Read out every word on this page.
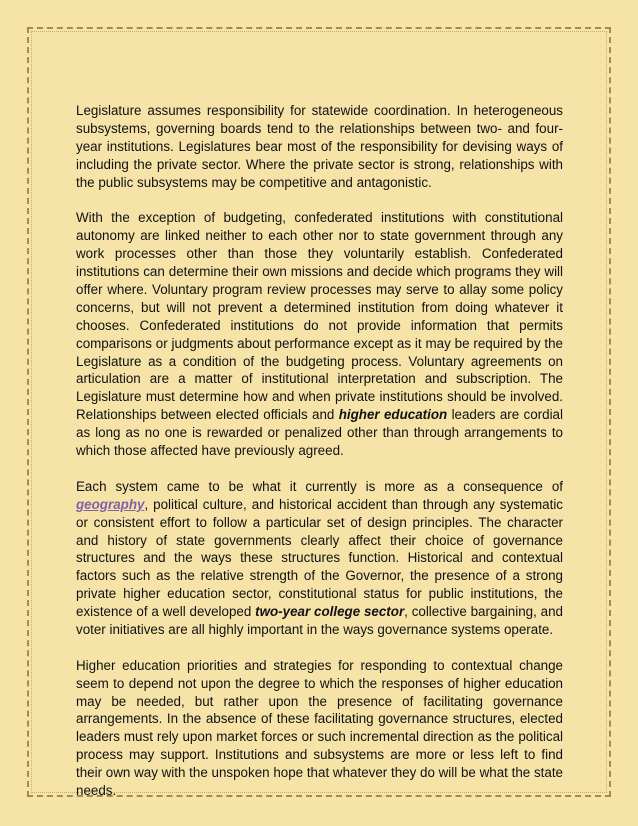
Legislature assumes responsibility for statewide coordination. In heterogeneous subsystems, governing boards tend to the relationships between two- and four-year institutions. Legislatures bear most of the responsibility for devising ways of including the private sector. Where the private sector is strong, relationships with the public subsystems may be competitive and antagonistic.

With the exception of budgeting, confederated institutions with constitutional autonomy are linked neither to each other nor to state government through any work processes other than those they voluntarily establish. Confederated institutions can determine their own missions and decide which programs they will offer where. Voluntary program review processes may serve to allay some policy concerns, but will not prevent a determined institution from doing whatever it chooses. Confederated institutions do not provide information that permits comparisons or judgments about performance except as it may be required by the Legislature as a condition of the budgeting process. Voluntary agreements on articulation are a matter of institutional interpretation and subscription. The Legislature must determine how and when private institutions should be involved. Relationships between elected officials and higher education leaders are cordial as long as no one is rewarded or penalized other than through arrangements to which those affected have previously agreed.

Each system came to be what it currently is more as a consequence of geography, political culture, and historical accident than through any systematic or consistent effort to follow a particular set of design principles. The character and history of state governments clearly affect their choice of governance structures and the ways these structures function. Historical and contextual factors such as the relative strength of the Governor, the presence of a strong private higher education sector, constitutional status for public institutions, the existence of a well developed two-year college sector, collective bargaining, and voter initiatives are all highly important in the ways governance systems operate.

Higher education priorities and strategies for responding to contextual change seem to depend not upon the degree to which the responses of higher education may be needed, but rather upon the presence of facilitating governance arrangements. In the absence of these facilitating governance structures, elected leaders must rely upon market forces or such incremental direction as the political process may support. Institutions and subsystems are more or less left to find their own way with the unspoken hope that whatever they do will be what the state needs.
